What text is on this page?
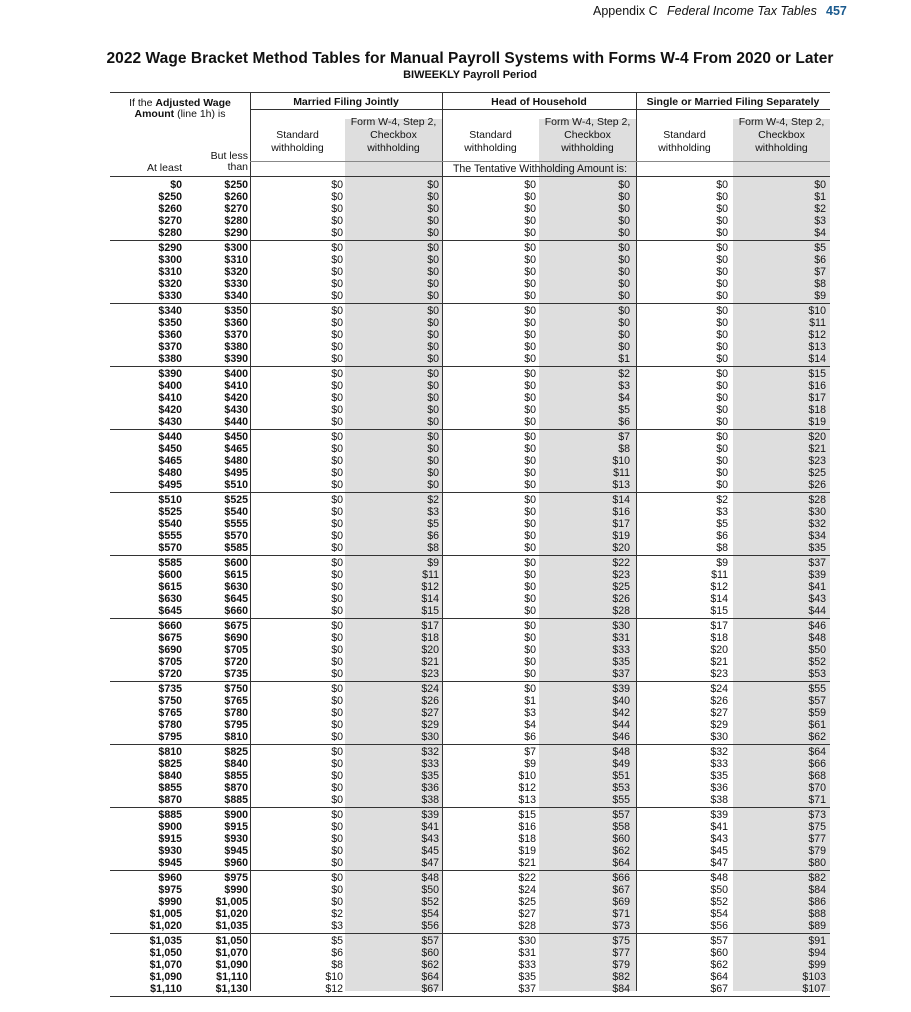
Appendix C Federal Income Tax Tables 457
2022 Wage Bracket Method Tables for Manual Payroll Systems with Forms W-4 From 2020 or Later
BIWEEKLY Payroll Period
If the Adjusted Wage
Amount (line 1h) is
At least
But less
than
Married Filing Jointly	Head of Household	Single or Married Filing Separately
Standard
withholding
Form W-4, Step 2,
Checkbox
withholding
Standard
withholding
Form W-4, Step 2,
Checkbox
withholding
Standard
withholding
Form W-4, Step 2,
Checkbox
withholding
The Tentative Withholding Amount is:
$0	$250	$0	$0	$0	$0	$0	$0
$250	$260	$0	$0	$0	$0	$0	$1
$260	$270	$0	$0	$0	$0	$0	$2
$270	$280	$0	$0	$0	$0	$0	$3
$280	$290	$0	$0	$0	$0	$0	$4
$290	$300	$0	$0	$0	$0	$0	$5
$300	$310	$0	$0	$0	$0	$0	$6
$310	$320	$0	$0	$0	$0	$0	$7
$320	$330	$0	$0	$0	$0	$0	$8
$330	$340	$0	$0	$0	$0	$0	$9
$340	$350	$0	$0	$0	$0	$0	$10
$350	$360	$0	$0	$0	$0	$0	$11
$360	$370	$0	$0	$0	$0	$0	$12
$370	$380	$0	$0	$0	$0	$0	$13
$380	$390	$0	$0	$0	$1	$0	$14
$390	$400	$0	$0	$0	$2	$0	$15
$400	$410	$0	$0	$0	$3	$0	$16
$410	$420	$0	$0	$0	$4	$0	$17
$420	$430	$0	$0	$0	$5	$0	$18
$430	$440	$0	$0	$0	$6	$0	$19
$440	$450	$0	$0	$0	$7	$0	$20
$450	$465	$0	$0	$0	$8	$0	$21
$465	$480	$0	$0	$0	$10	$0	$23
$480	$495	$0	$0	$0	$11	$0	$25
$495	$510	$0	$0	$0	$13	$0	$26
$510	$525	$0	$2	$0	$14	$2	$28
$525	$540	$0	$3	$0	$16	$3	$30
$540	$555	$0	$5	$0	$17	$5	$32
$555	$570	$0	$6	$0	$19	$6	$34
$570	$585	$0	$8	$0	$20	$8	$35
$585	$600	$0	$9	$0	$22	$9	$37
$600	$615	$0	$11	$0	$23	$11	$39
$615	$630	$0	$12	$0	$25	$12	$41
$630	$645	$0	$14	$0	$26	$14	$43
$645	$660	$0	$15	$0	$28	$15	$44
$660	$675	$0	$17	$0	$30	$17	$46
$675	$690	$0	$18	$0	$31	$18	$48
$690	$705	$0	$20	$0	$33	$20	$50
$705	$720	$0	$21	$0	$35	$21	$52
$720	$735	$0	$23	$0	$37	$23	$53
$735	$750	$0	$24	$0	$39	$24	$55
$750	$765	$0	$26	$1	$40	$26	$57
$765	$780	$0	$27	$3	$42	$27	$59
$780	$795	$0	$29	$4	$44	$29	$61
$795	$810	$0	$30	$6	$46	$30	$62
$810	$825	$0	$32	$7	$48	$32	$64
$825	$840	$0	$33	$9	$49	$33	$66
$840	$855	$0	$35	$10	$51	$35	$68
$855	$870	$0	$36	$12	$53	$36	$70
$870	$885	$0	$38	$13	$55	$38	$71
$885	$900	$0	$39	$15	$57	$39	$73
$900	$915	$0	$41	$16	$58	$41	$75
$915	$930	$0	$43	$18	$60	$43	$77
$930	$945	$0	$45	$19	$62	$45	$79
$945	$960	$0	$47	$21	$64	$47	$80
$960	$975	$0	$48	$22	$66	$48	$82
$975	$990	$0	$50	$24	$67	$50	$84
$990	$1,005	$0	$52	$25	$69	$52	$86
$1,005	$1,020	$2	$54	$27	$71	$54	$88
$1,020	$1,035	$3	$56	$28	$73	$56	$89
$1,035	$1,050	$5	$57	$30	$75	$57	$91
$1,050	$1,070	$6	$60	$31	$77	$60	$94
$1,070	$1,090	$8	$62	$33	$79	$62	$99
$1,090	$1,110	$10	$64	$35	$82	$64	$103
$1,110	$1,130	$12	$67	$37	$84	$67	$107
